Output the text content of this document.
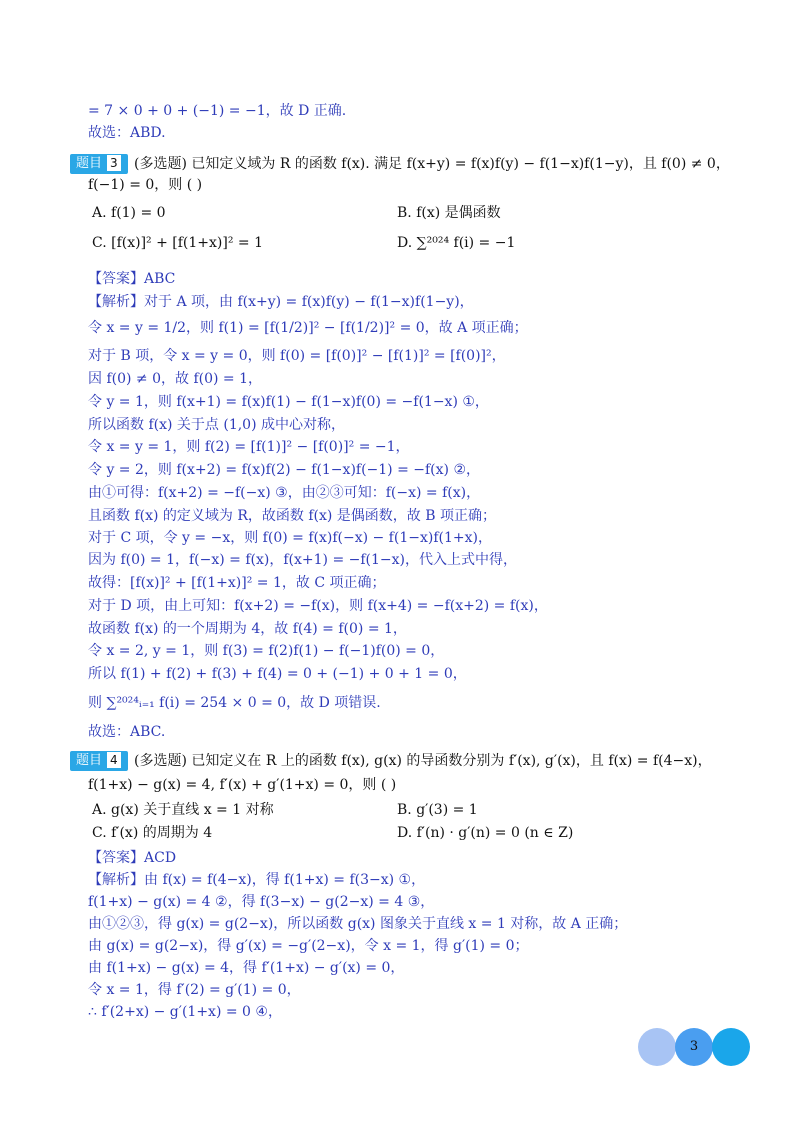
= 7 × 0 + 0 + (−1) = −1，故 D 正确.
故选：ABD.
题目 3	(多选题) 已知定义域为 R 的函数 f(x). 满足 f(x+y) = f(x)f(y) − f(1−x)f(1−y)，且 f(0) ≠ 0，
f(−1) = 0，则 ( )
A. f(1) = 0	B. f(x) 是偶函数
C. [f(x)]² + [f(1+x)]² = 1	D. ∑²⁰²⁴ f(i) = −1
【答案】ABC
【解析】对于 A 项，由 f(x+y) = f(x)f(y) − f(1−x)f(1−y)，
令 x = y = 1/2，则 f(1) = [f(1/2)]² − [f(1/2)]² = 0，故 A 项正确；
对于 B 项，令 x = y = 0，则 f(0) = [f(0)]² − [f(1)]² = [f(0)]²，
因 f(0) ≠ 0，故 f(0) = 1，
令 y = 1，则 f(x+1) = f(x)f(1) − f(1−x)f(0) = −f(1−x) ①，
所以函数 f(x) 关于点 (1,0) 成中心对称，
令 x = y = 1，则 f(2) = [f(1)]² − [f(0)]² = −1，
令 y = 2，则 f(x+2) = f(x)f(2) − f(1−x)f(−1) = −f(x) ②，
由①可得：f(x+2) = −f(−x) ③，由②③可知：f(−x) = f(x)，
且函数 f(x) 的定义域为 R，故函数 f(x) 是偶函数，故 B 项正确；
对于 C 项，令 y = −x，则 f(0) = f(x)f(−x) − f(1−x)f(1+x)，
因为 f(0) = 1，f(−x) = f(x)，f(x+1) = −f(1−x)，代入上式中得，
故得：[f(x)]² + [f(1+x)]² = 1，故 C 项正确；
对于 D 项，由上可知：f(x+2) = −f(x)，则 f(x+4) = −f(x+2) = f(x)，
故函数 f(x) 的一个周期为 4，故 f(4) = f(0) = 1，
令 x = 2, y = 1，则 f(3) = f(2)f(1) − f(−1)f(0) = 0，
所以 f(1) + f(2) + f(3) + f(4) = 0 + (−1) + 0 + 1 = 0，
则 ∑²⁰²⁴ᵢ₌₁ f(i) = 254 × 0 = 0，故 D 项错误.
故选：ABC.
题目 4	(多选题) 已知定义在 R 上的函数 f(x), g(x) 的导函数分别为 f′(x), g′(x)，且 f(x) = f(4−x)，
f(1+x) − g(x) = 4, f′(x) + g′(1+x) = 0，则 ( )
A. g(x) 关于直线 x = 1 对称	B. g′(3) = 1
C. f′(x) 的周期为 4	D. f′(n) · g′(n) = 0 (n ∈ Z)
【答案】ACD
【解析】由 f(x) = f(4−x)，得 f(1+x) = f(3−x) ①，
f(1+x) − g(x) = 4 ②，得 f(3−x) − g(2−x) = 4 ③，
由①②③，得 g(x) = g(2−x)，所以函数 g(x) 图象关于直线 x = 1 对称，故 A 正确；
由 g(x) = g(2−x)，得 g′(x) = −g′(2−x)，令 x = 1，得 g′(1) = 0；
由 f(1+x) − g(x) = 4，得 f′(1+x) − g′(x) = 0，
令 x = 1，得 f′(2) = g′(1) = 0，
∴ f′(2+x) − g′(1+x) = 0 ④，
3
